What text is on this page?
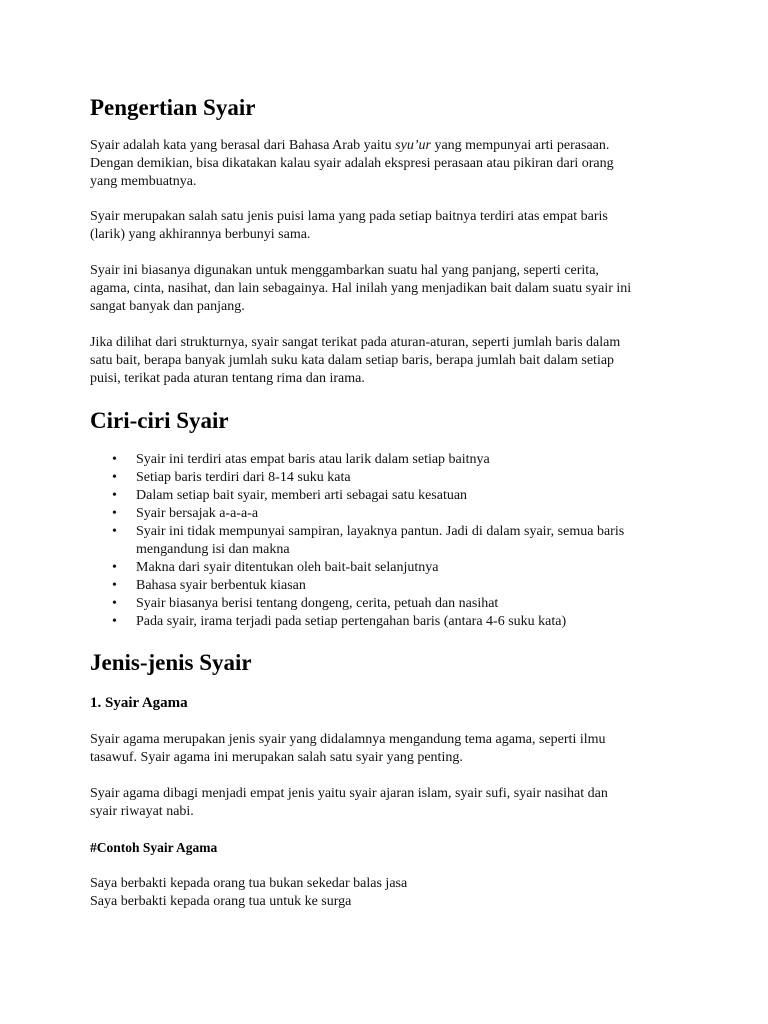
Pengertian Syair

Syair adalah kata yang berasal dari Bahasa Arab yaitu syu’ur yang mempunyai arti perasaan.
Dengan demikian, bisa dikatakan kalau syair adalah ekspresi perasaan atau pikiran dari orang
yang membuatnya.

Syair merupakan salah satu jenis puisi lama yang pada setiap baitnya terdiri atas empat baris
(larik) yang akhirannya berbunyi sama.

Syair ini biasanya digunakan untuk menggambarkan suatu hal yang panjang, seperti cerita,
agama, cinta, nasihat, dan lain sebagainya. Hal inilah yang menjadikan bait dalam suatu syair ini
sangat banyak dan panjang.

Jika dilihat dari strukturnya, syair sangat terikat pada aturan-aturan, seperti jumlah baris dalam
satu bait, berapa banyak jumlah suku kata dalam setiap baris, berapa jumlah bait dalam setiap
puisi, terikat pada aturan tentang rima dan irama.

Ciri-ciri Syair
• Syair ini terdiri atas empat baris atau larik dalam setiap baitnya
• Setiap baris terdiri dari 8-14 suku kata
• Dalam setiap bait syair, memberi arti sebagai satu kesatuan
• Syair bersajak a-a-a-a
• Syair ini tidak mempunyai sampiran, layaknya pantun. Jadi di dalam syair, semua baris
mengandung isi dan makna
• Makna dari syair ditentukan oleh bait-bait selanjutnya
• Bahasa syair berbentuk kiasan
• Syair biasanya berisi tentang dongeng, cerita, petuah dan nasihat
• Pada syair, irama terjadi pada setiap pertengahan baris (antara 4-6 suku kata)
Jenis-jenis Syair
1. Syair Agama

Syair agama merupakan jenis syair yang didalamnya mengandung tema agama, seperti ilmu
tasawuf. Syair agama ini merupakan salah satu syair yang penting.

Syair agama dibagi menjadi empat jenis yaitu syair ajaran islam, syair sufi, syair nasihat dan
syair riwayat nabi.

#Contoh Syair Agama

Saya berbakti kepada orang tua bukan sekedar balas jasa
Saya berbakti kepada orang tua untuk ke surga
